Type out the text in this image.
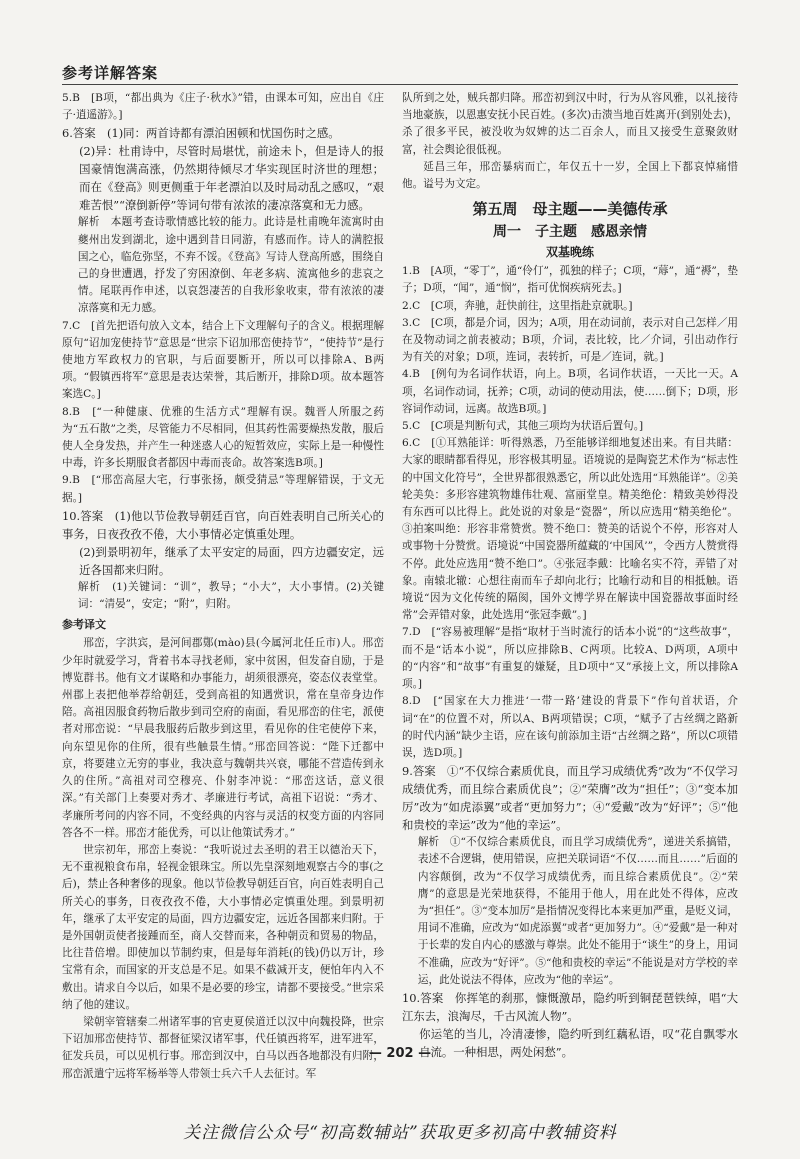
参考详解答案

5.B　[B项，“都出典为《庄子·秋水》”错，由课本可知，应出自《庄子·逍遥游》。]

6.答案　(1)同：两首诗都有漂泊困顿和忧国伤时之感。

(2)异：杜甫诗中，尽管时局堪忧，前途未卜，但是诗人的报国豪情饱满高涨，仍然期待倾尽才华实现匡时济世的理想；而在《登高》则更侧重于年老漂泊以及时局动乱之感叹，“艰难苦恨”“潦倒新停”等词句带有浓浓的凄凉落寞和无力感。

解析　本题考查诗歌情感比较的能力。此诗是杜甫晚年流寓时由夔州出发到湖北，途中遇到昔日同游，有感而作。诗人的满腔报国之心，临危弥坚，不弃不馁。《登高》写诗人登高所感，围绕自己的身世遭遇，抒发了穷困潦倒、年老多病、流寓他乡的悲哀之情。尾联再作申述，以哀怨凄苦的自我形象收束，带有浓浓的凄凉落寞和无力感。

7.C　[首先把语句放入文本，结合上下文理解句子的含义。根据理解原句“诏加宠使持节”意思是“世宗下诏加邢峦使持节”，“使持节”是行使地方军政权力的官职，与后面要断开，所以可以排除A、B两项。“假镇西将军”意思是表达荣誉，其后断开，排除D项。故本题答案选C。]

8.B　[“一种健康、优雅的生活方式”理解有误。魏晋人所服之药为“五石散”之类，尽管能力不尽相同，但其药性需要燥热发散，服后使人全身发热，并产生一种迷惑人心的短暂效应，实际上是一种慢性中毒，许多长期服食者都因中毒而丧命。故答案选B项。]

9.B　[“邢峦高屋大宅，行事张扬，颇受猜忌”等理解错误，于文无据。]

10.答案　(1)他以节俭教导朝廷百官，向百姓表明自己所关心的事务，日夜孜孜不倦，大小事情必定慎重处理。

(2)到景明初年，继承了太平安定的局面，四方边疆安定，远近各国都来归附。

解析　(1)关键词：“训”，教导；“小大”，大小事情。(2)关键词：“清晏”，安定；“附”，归附。

参考译文

邢峦，字洪宾，是河间郡鄚(mào)县(今属河北任丘市)人。邢峦少年时就爱学习，背着书本寻找老师，家中贫困，但发奋自励，于是博览群书。他有文才谋略和办事能力，胡须很漂亮，姿态仪表堂堂。州郡上表把他举荐给朝廷，受到高祖的知遇赏识，常在皇帝身边作陪。高祖因服食药物后散步到司空府的南面，看见邢峦的住宅，派使者对邢峦说：“早晨我服药后散步到这里，看见你的住宅使停下来，向东望见你的住所，很有些触景生情。”邢峦回答说：“陛下迁都中京，将要建立无穷的事业，我决意与魏朝共兴衰，哪能不营造传到永久的住所。”高祖对司空穆亮、仆射李冲说：“邢峦这话，意义很深。”有关部门上奏要对秀才、孝廉进行考试，高祖下诏说：“秀才、孝廉所考问的内容不同，不变经典的内容与灵活的权变方面的内容同答各不一样。邢峦才能优秀，可以让他策试秀才。”

世宗初年，邢峦上奏说：“我听说过去圣明的君王以德治天下，无不重视粮食布帛，轻视金银珠宝。所以先皇深刻地观察古今的事(之后)，禁止各种奢侈的现象。他以节俭教导朝廷百官，向百姓表明自己所关心的事务，日夜孜孜不倦，大小事情必定慎重处理。到景明初年，继承了太平安定的局面，四方边疆安定，远近各国都来归附。于是外国朝贡使者接踵而至，商人交替而来，各种朝贡和贸易的物品，比往昔倍增。即使加以节制约束，但是每年消耗(的钱)仍以万计，珍宝常有余，而国家的开支总是不足。如果不截减开支，便怕年内入不敷出。请求自今以后，如果不是必要的珍宝，请都不要接受。”世宗采纳了他的建议。

梁朝宰管辖秦二州诸军事的官吏夏侯道迁以汉中向魏投降，世宗下诏加邢峦使持节、都督征梁汉诸军事，代任镇西将军，进军进军，征发兵员，可以见机行事。邢峦到汉中，白马以西各地都没有归附，邢峦派遣宁远将军杨举等人带领士兵六千人去征讨。军

队所到之处，贼兵都归降。邢峦初到汉中时，行为从容风雅，以礼接待当地豪族，以恩惠安抚小民百姓。(多次)击溃当地百姓离开(到别处去)，杀了很多平民，被没收为奴婢的达二百余人，而且又接受生意聚敛财富，社会舆论很低视。

延昌三年，邢峦暴病而亡，年仅五十一岁，全国上下都哀悼痛惜他。谥号为文定。

第五周　母主题——美德传承
周一　子主题　感恩亲情
双基晚练

1.B　[A项，“零丁”，通“伶仃”，孤独的样子；C项，“蓐”，通“褥”，垫子；D项，“闻”，通“悯”，指可优悯疾病死去。]

2.C　[C项，奔驰，赶快前往，这里指赴京就职。]

3.C　[C项，都是介词，因为；A项，用在动词前，表示对自己怎样／用在及物动词之前表被动；B项，介词，表比较，比／介词，引出动作行为有关的对象；D项，连词，表转折，可是／连词，就。]

4.B　[例句为名词作状语，向上。B项，名词作状语，一天比一天。A项，名词作动词，抚养；C项，动词的使动用法，使……倒下；D项，形容词作动词，远离。故选B项。]

5.C　[C项是判断句式，其他三项均为状语后置句。]

6.C　[①耳熟能详：听得熟悉，乃至能够详细地复述出来。有目共睹：大家的眼睛都看得见，形容极其明显。语境说的是陶瓷艺术作为“标志性的中国文化符号”，全世界都很熟悉它，所以此处选用“耳熟能详”。②美轮美奂：多形容建筑物雄伟壮观、富丽堂皇。精美绝伦：精致美妙得没有东西可以比得上。此处说的对象是“瓷器”，所以应选用“精美绝伦”。③拍案叫绝：形容非常赞赏。赞不绝口：赞美的话说个不停，形容对人或事物十分赞赏。语境说“中国瓷器所蕴藏的‘中国风’”，令西方人赞赏得不停。此处应选用“赞不绝口”。④张冠李戴：比喻名实不符，弄错了对象。南辕北辙：心想往南而车子却向北行；比喻行动和目的相抵触。语境说“因为文化传统的隔阂，国外文博学界在解读中国瓷器故事面时经常”会弄错对象，此处选用“张冠李戴”。]

7.D　[“容易被理解”是指“取材于当时流行的话本小说”的“这些故事”，而不是“话本小说”，所以应排除B、C两项。比较A、D两项，A项中的“内容”和“故事”有重复的嫌疑，且D项中“又”承接上文，所以排除A项。]

8.D　[“国家在大力推进‘一带一路’建设的背景下”作句首状语，介词“在”的位置不对，所以A、B两项错误；C项，“赋予了古丝绸之路新的时代内涵”缺少主语，应在该句前添加主语“古丝绸之路”，所以C项错误，选D项。]

9.答案　①“不仅综合素质优良，而且学习成绩优秀”改为“不仅学习成绩优秀，而且综合素质优良”；②“荣膺”改为“担任”；③“变本加厉”改为“如虎添翼”或者“更加努力”；④“爱戴”改为“好评”；⑤“他和贵校的幸运”改为“他的幸运”。

解析　①“不仅综合素质优良，而且学习成绩优秀”，递进关系搞错，表述不合逻辑，使用错误，应把关联词语“不仅……而且……”后面的内容颠倒，改为“不仅学习成绩优秀，而且综合素质优良”。②“荣膺”的意思是光荣地获得，不能用于他人，用在此处不得体，应改为“担任”。③“变本加厉”是指情况变得比本来更加严重，是贬义词，用词不准确，应改为“如虎添翼”或者“更加努力”。④“爱戴”是一种对于长辈的发自内心的感激与尊崇。此处不能用于“谈生”的身上，用词不准确，应改为“好评”。⑤“他和贵校的幸运”不能说是对方学校的幸运，此处说法不得体，应改为“他的幸运”。

10.答案　你挥笔的刹那，慷慨激昂，隐约听到铜琵琶铁绰，唱“大江东去，浪淘尽，千古风流人物”。

你运笔的当儿，冷清凄惨，隐约听到红藕私语，叹“花自飘零水自流。一种相思，两处闲愁”。

— 202 —
关注微信公众号“初高数辅站”获取更多初高中教辅资料
